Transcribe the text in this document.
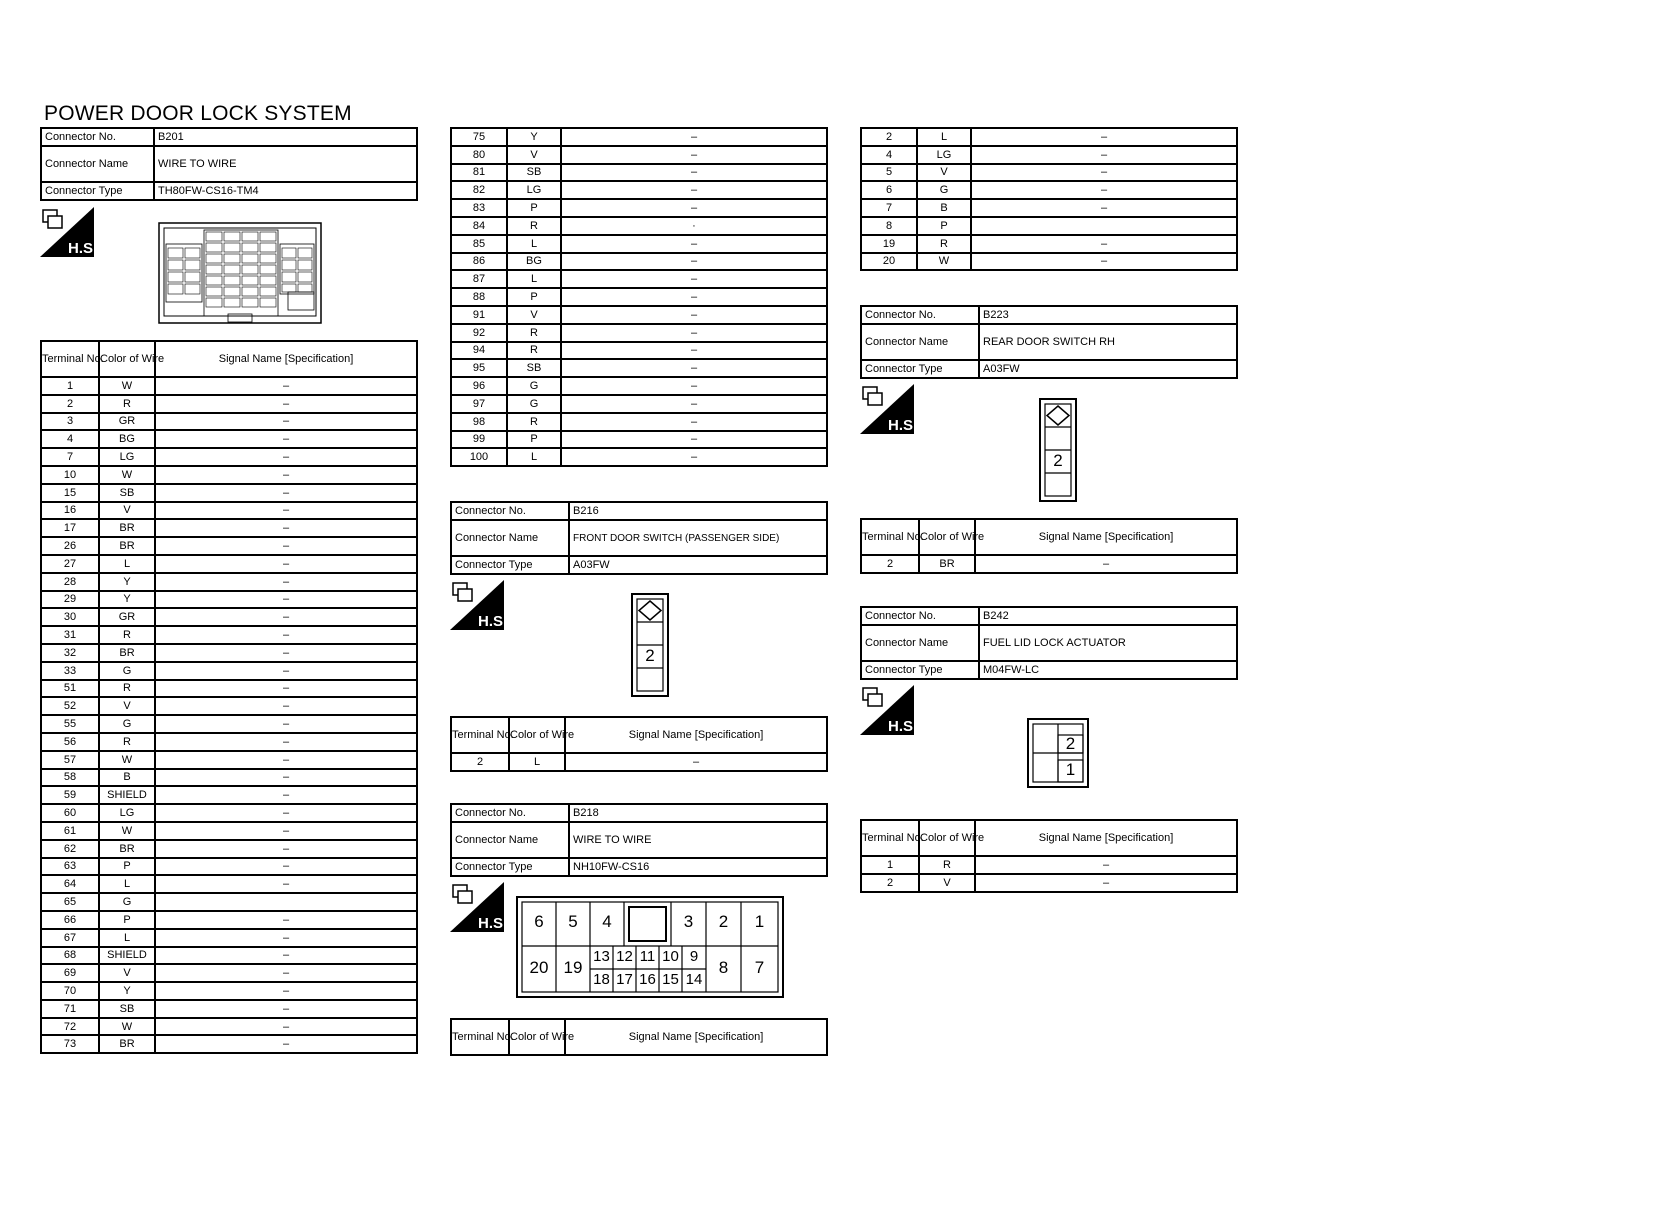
POWER DOOR LOCK SYSTEM
Connector No.	B201
Connector Name	WIRE TO WIRE
Connector Type	TH80FW-CS16-TM4
H.S.
Terminal No.	Color of Wire	Signal Name [Specification]
1	W	–
2	R	–
3	GR	–
4	BG	–
7	LG	–
10	W	–
15	SB	–
16	V	–
17	BR	–
26	BR	–
27	L	–
28	Y	–
29	Y	–
30	GR	–
31	R	–
32	BR	–
33	G	–
51	R	–
52	V	–
55	G	–
56	R	–
57	W	–
58	B	–
59	SHIELD	–
60	LG	–
61	W	–
62	BR	–
63	P	–
64	L	–
65	G	
66	P	–
67	L	–
68	SHIELD	–
69	V	–
70	Y	–
71	SB	–
72	W	–
73	BR	–
75	Y	–
80	V	–
81	SB	–
82	LG	–
83	P	–
84	R	·
85	L	–
86	BG	–
87	L	–
88	P	–
91	V	–
92	R	–
94	R	–
95	SB	–
96	G	–
97	G	–
98	R	–
99	P	–
100	L	–
Connector No.	B216
Connector Name	FRONT DOOR SWITCH (PASSENGER SIDE)
Connector Type	A03FW
H.S.
2
Terminal No.	Color of Wire	Signal Name [Specification]
2	L	–
Connector No.	B218
Connector Name	WIRE TO WIRE
Connector Type	NH10FW-CS16
H.S.	6	5	4	3	2	1
20 19
13 12 11 10 9
18 17 16 15 14
8	7
Terminal No.	Color of Wire	Signal Name [Specification]
2	L	–
4	LG	–
5	V	–
6	G	–
7	B	–
8	P	
19	R	–
20	W	–
Connector No.	B223
Connector Name	REAR DOOR SWITCH RH
Connector Type	A03FW
H.S.
2
Terminal No.	Color of Wire	Signal Name [Specification]
2	BR	–
Connector No.	B242
Connector Name	FUEL LID LOCK ACTUATOR
Connector Type	M04FW-LC
H.S.
2
1
Terminal No.	Color of Wire	Signal Name [Specification]
1	R	–
2	V	–
